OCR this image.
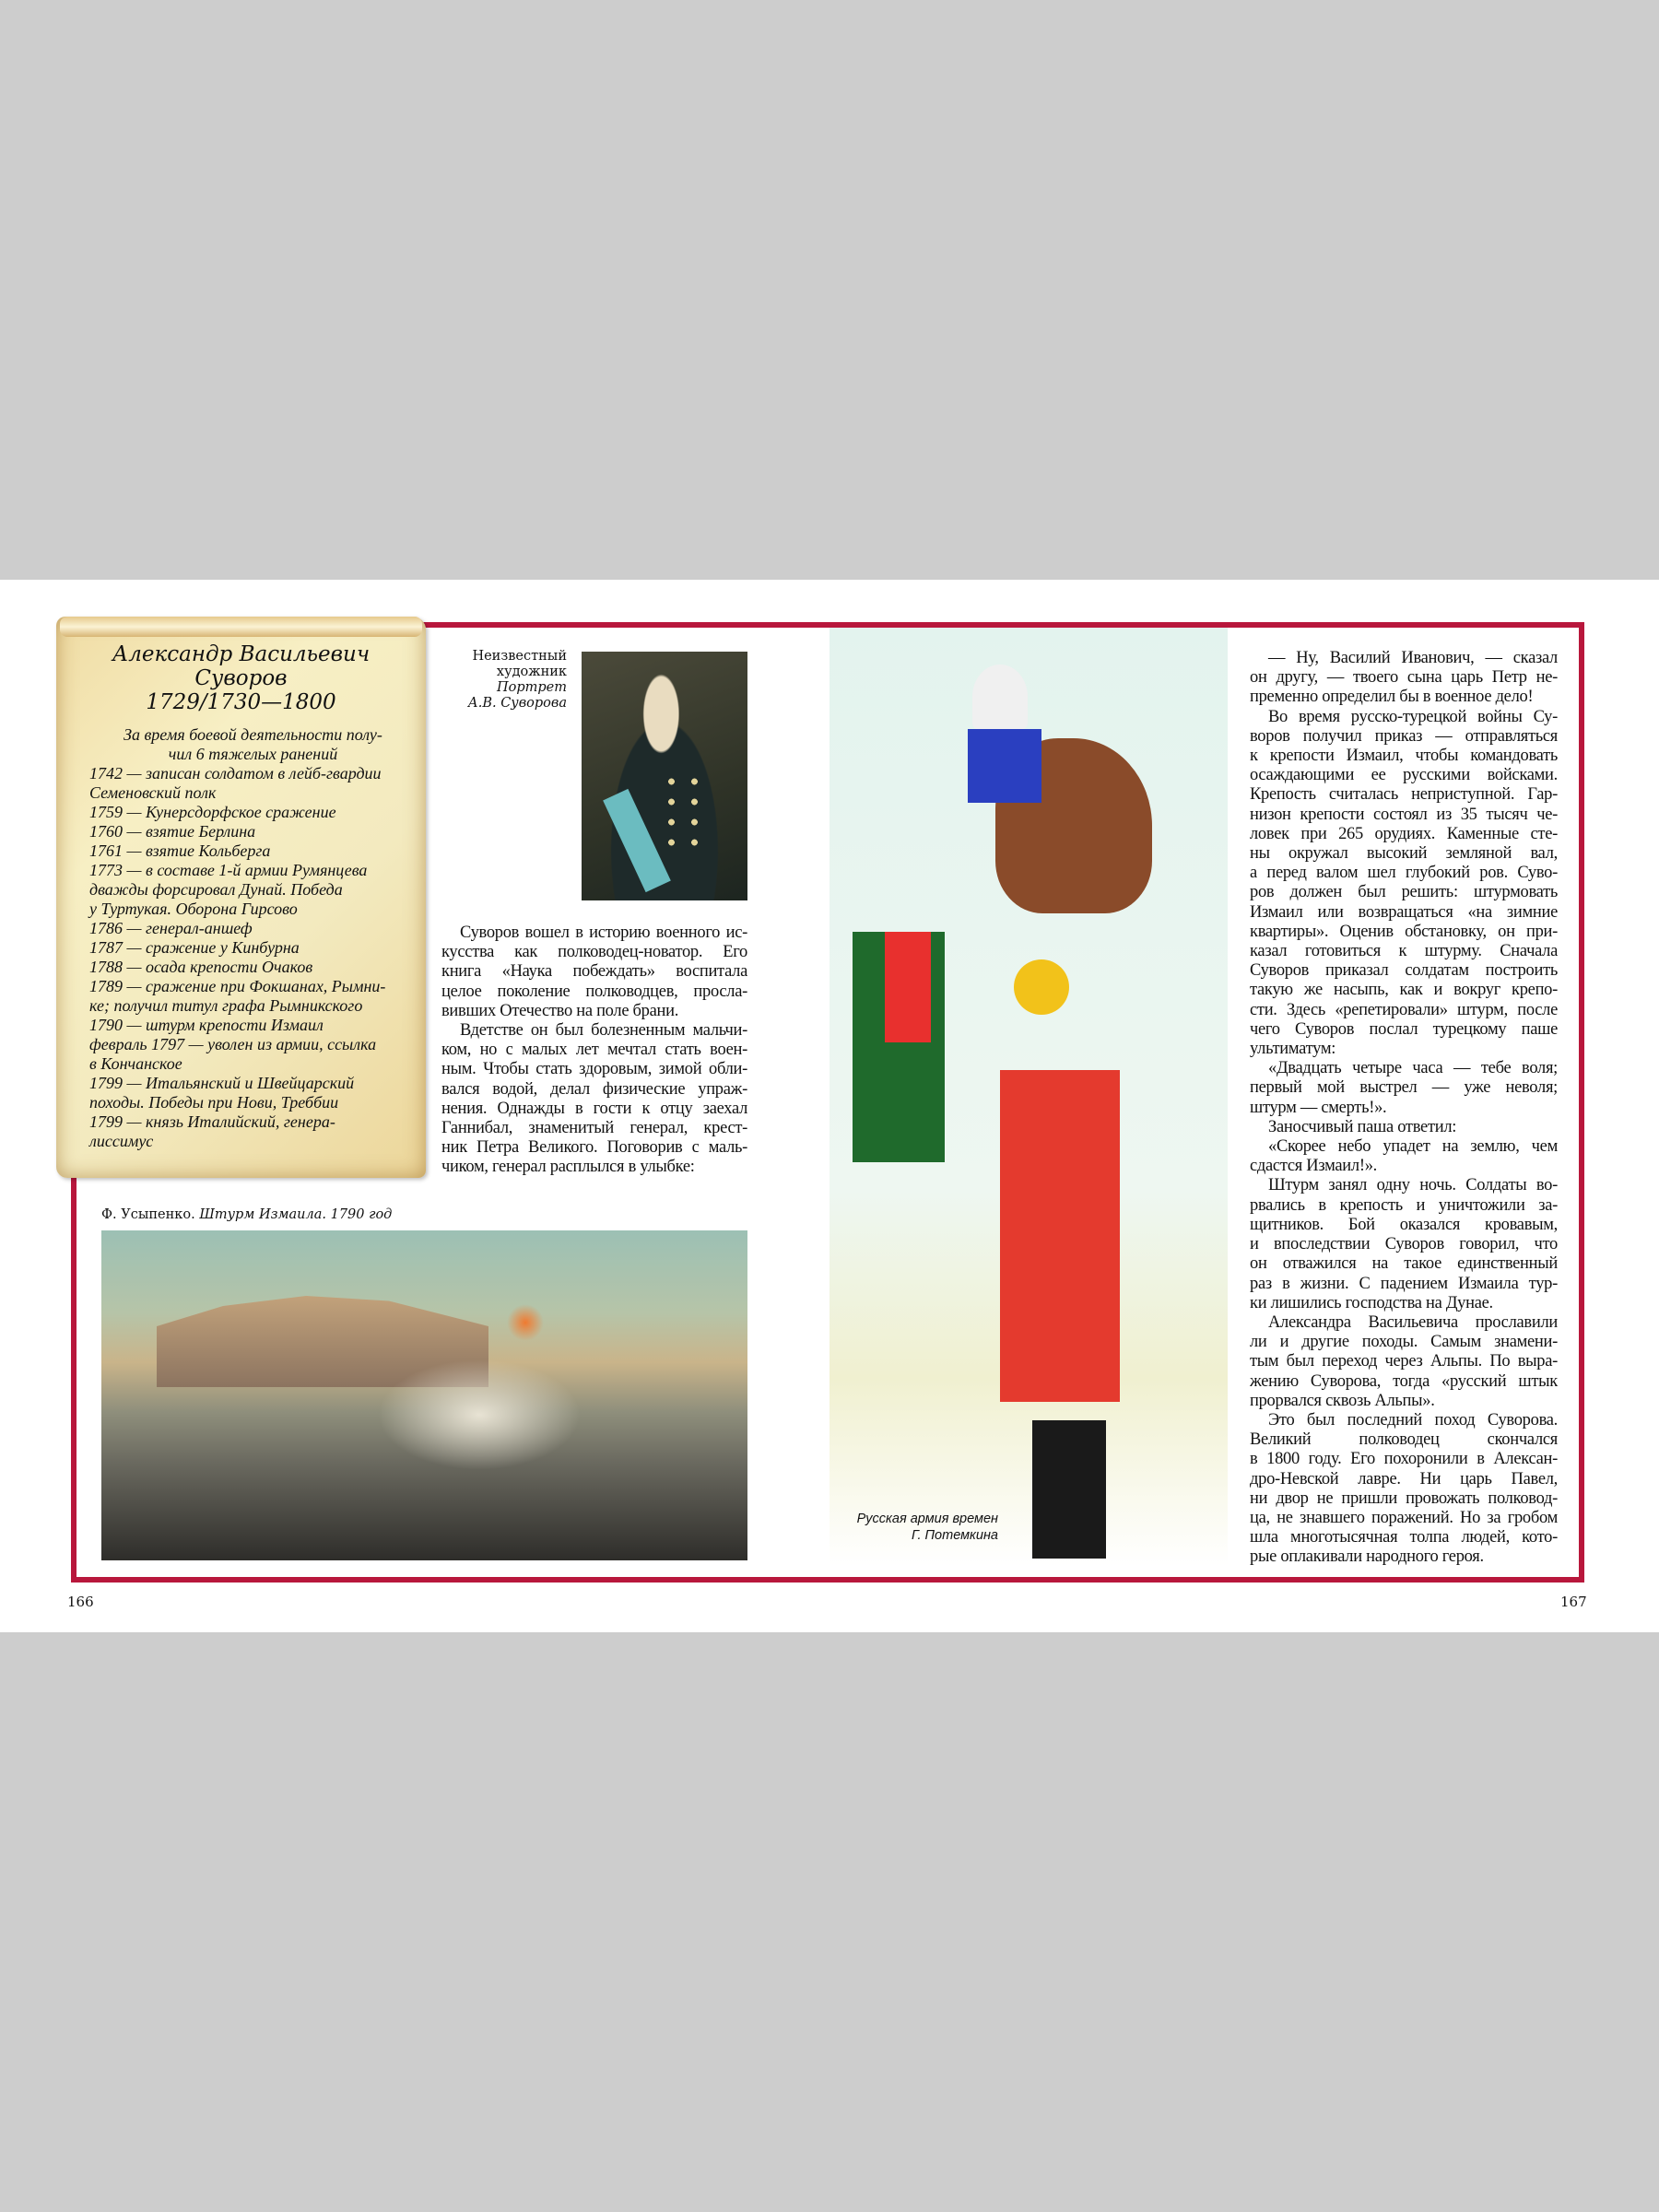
Александр Васильевич
Суворов
1729/1730—1800
За время боевой деятельности полу-
чил 6 тяжелых ранений
1742 — записан солдатом в лейб-гвардии
Семеновский полк
1759 — Кунерсдорфское сражение
1760 — взятие Берлина
1761 — взятие Кольберга
1773 — в составе 1-й армии Румянцева
дважды форсировал Дунай. Победа
у Туртукая. Оборона Гирсово
1786 — генерал-аншеф
1787 — сражение у Кинбурна
1788 — осада крепости Очаков
1789 — сражение при Фокшанах, Рымни-
ке; получил титул графа Рымникского
1790 — штурм крепости Измаил
февраль 1797 — уволен из армии, ссылка
в Кончанское
1799 — Итальянский и Швейцарский
походы. Победы при Нови, Треббии
1799 — князь Италийский, генера-
лиссимус
Неизвестный
художник
Портрет
А.В. Суворова
Суворов вошел в историю военного ис-
кусства как полководец-новатор. Его
книга «Наука побеждать» воспитала
целое поколение полководцев, просла-
вивших Отечество на поле брани.
Вдетстве он был болезненным мальчи-
ком, но с малых лет мечтал стать воен-
ным. Чтобы стать здоровым, зимой обли-
вался водой, делал физические упраж-
нения. Однажды в гости к отцу заехал
Ганнибал, знаменитый генерал, крест-
ник Петра Великого. Поговорив с маль-
чиком, генерал расплылся в улыбке:
Ф. Усыпенко. Штурм Измаила. 1790 год
Русская армия времен
Г. Потемкина
— Ну, Василий Иванович, — сказал
он другу, — твоего сына царь Петр не-
пременно определил бы в военное дело!
Во время русско-турецкой войны Су-
воров получил приказ — отправляться
к крепости Измаил, чтобы командовать
осаждающими ее русскими войсками.
Крепость считалась неприступной. Гар-
низон крепости состоял из 35 тысяч че-
ловек при 265 орудиях. Каменные сте-
ны окружал высокий земляной вал,
а перед валом шел глубокий ров. Суво-
ров должен был решить: штурмовать
Измаил или возвращаться «на зимние
квартиры». Оценив обстановку, он при-
казал готовиться к штурму. Сначала
Суворов приказал солдатам построить
такую же насыпь, как и вокруг крепо-
сти. Здесь «репетировали» штурм, после
чего Суворов послал турецкому паше
ультиматум:
«Двадцать четыре часа — тебе воля;
первый мой выстрел — уже неволя;
штурм — смерть!».
Заносчивый паша ответил:
«Скорее небо упадет на землю, чем
сдастся Измаил!».
Штурм занял одну ночь. Солдаты во-
рвались в крепость и уничтожили за-
щитников. Бой оказался кровавым,
и впоследствии Суворов говорил, что
он отважился на такое единственный
раз в жизни. С падением Измаила тур-
ки лишились господства на Дунае.
Александра Васильевича прославили
ли и другие походы. Самым знамени-
тым был переход через Альпы. По выра-
жению Суворова, тогда «русский штык
прорвался сквозь Альпы».
Это был последний поход Суворова.
Великий полководец скончался
в 1800 году. Его похоронили в Алексан-
дро-Невской лавре. Ни царь Павел,
ни двор не пришли провожать полковод-
ца, не знавшего поражений. Но за гробом
шла многотысячная толпа людей, кото-
рые оплакивали народного героя.
166	167
